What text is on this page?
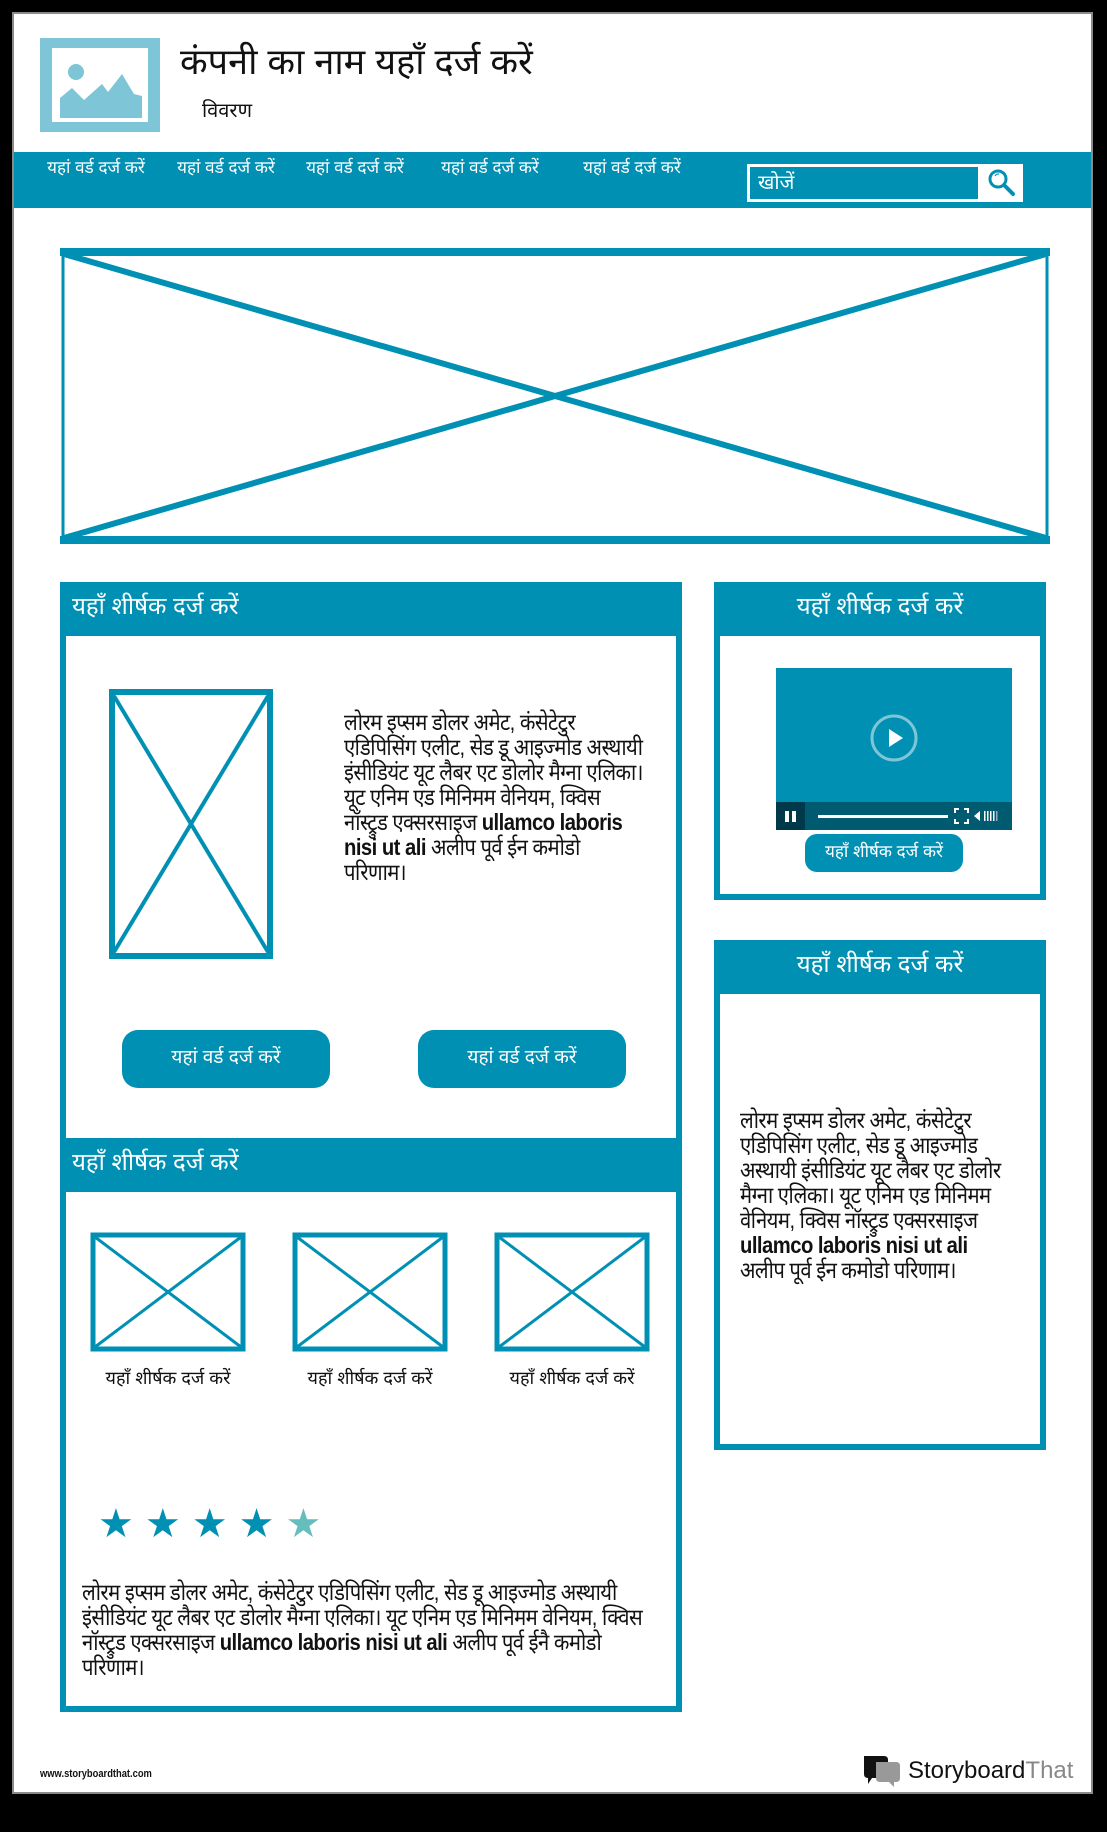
कंपनी का नाम यहाँ दर्ज करें
विवरण
यहां वर्ड दर्ज करें	यहां वर्ड दर्ज करें	यहां वर्ड दर्ज करें	यहां वर्ड दर्ज करें	यहां वर्ड दर्ज करें
खोजें
यहाँ शीर्षक दर्ज करें
लोरम इप्सम डोलर अमेट, कंसेटेटुर एडिपिसिंग एलीट, सेड डू आइज्मोड अस्थायी इंसीडियंट यूट लैबर एट डोलोर मैग्ना एलिका। यूट एनिम एड मिनिमम वेनियम, क्विस नॉस्ट्रुड एक्सरसाइज ullamco laboris nisi ut ali अलीप पूर्व ईन कमोडो परिणाम।
यहां वर्ड दर्ज करें	यहां वर्ड दर्ज करें
यहाँ शीर्षक दर्ज करें
यहाँ शीर्षक दर्ज करें	यहाँ शीर्षक दर्ज करें	यहाँ शीर्षक दर्ज करें
लोरम इप्सम डोलर अमेट, कंसेटेटुर एडिपिसिंग एलीट, सेड डू आइज्मोड अस्थायी इंसीडियंट यूट लैबर एट डोलोर मैग्ना एलिका। यूट एनिम एड मिनिमम वेनियम, क्विस नॉस्ट्रुड एक्सरसाइज ullamco laboris nisi ut ali अलीप पूर्व ईनै कमोडो परिणाम।
★ ★ ★ ★ ★
यहाँ शीर्षक दर्ज करें
यहाँ शीर्षक दर्ज करें
यहाँ शीर्षक दर्ज करें
लोरम इप्सम डोलर अमेट, कंसेटेटुर एडिपिसिंग एलीट, सेड डू आइज्मोड अस्थायी इंसीडियंट यूट लैबर एट डोलोर मैग्ना एलिका। यूट एनिम एड मिनिमम वेनियम, क्विस नॉस्ट्रुड एक्सरसाइज ullamco laboris nisi ut ali अलीप पूर्व ईन कमोडो परिणाम।
www.storyboardthat.com	StoryboardThat
